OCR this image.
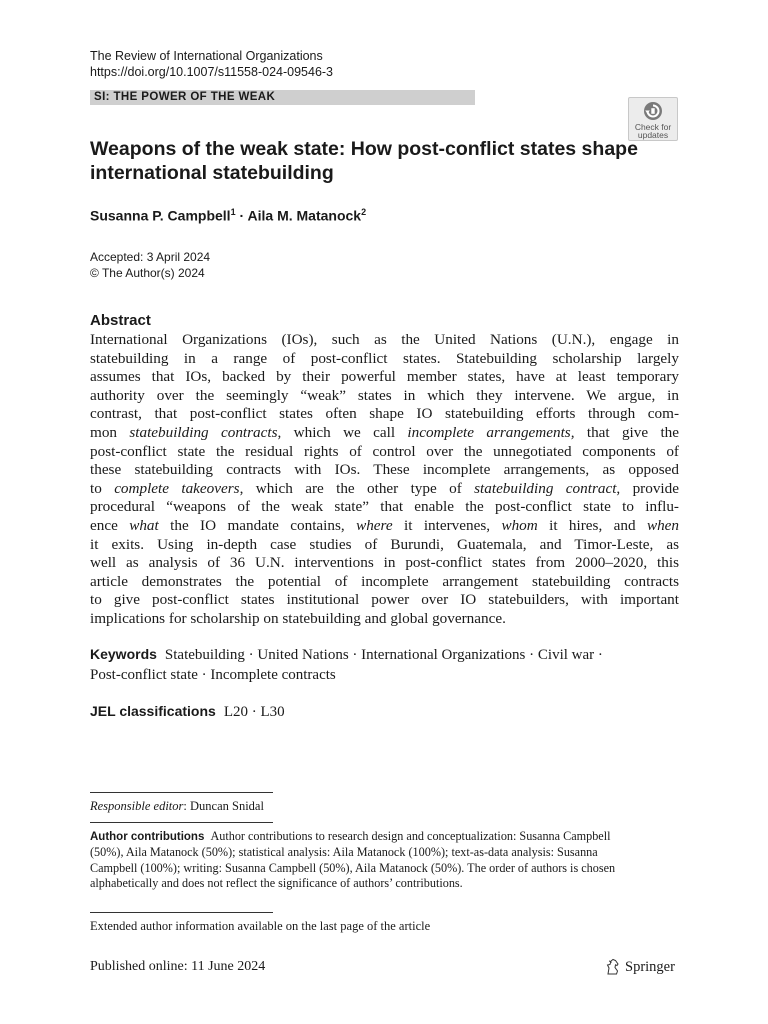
The Review of International Organizations
https://doi.org/10.1007/s11558-024-09546-3
SI: THE POWER OF THE WEAK
Check for
updates
Weapons of the weak state: How post-conflict states shape international statebuilding
Susanna P. Campbell$^1$ · Aila M. Matanock$^2$
Accepted: 3 April 2024
© The Author(s) 2024
Abstract
International Organizations (IOs), such as the United Nations (U.N.), engage in
statebuilding in a range of post-conflict states. Statebuilding scholarship largely
assumes that IOs, backed by their powerful member states, have at least temporary
authority over the seemingly “weak” states in which they intervene. We argue, in
contrast, that post-conflict states often shape IO statebuilding efforts through com-
mon statebuilding contracts, which we call incomplete arrangements, that give the
post-conflict state the residual rights of control over the unnegotiated components of
these statebuilding contracts with IOs. These incomplete arrangements, as opposed
to complete takeovers, which are the other type of statebuilding contract, provide
procedural “weapons of the weak state” that enable the post-conflict state to influ-
ence what the IO mandate contains, where it intervenes, whom it hires, and when
it exits. Using in-depth case studies of Burundi, Guatemala, and Timor-Leste, as
well as analysis of 36 U.N. interventions in post-conflict states from 2000–2020, this
article demonstrates the potential of incomplete arrangement statebuilding contracts
to give post-conflict states institutional power over IO statebuilders, with important
implications for scholarship on statebuilding and global governance.
Keywords Statebuilding · United Nations · International Organizations · Civil war ·
Post-conflict state · Incomplete contracts
JEL classifications L20 · L30
Responsible editor: Duncan Snidal
Author contributions Author contributions to research design and conceptualization: Susanna Campbell (50%), Aila Matanock (50%); statistical analysis: Aila Matanock (100%); text-as-data analysis: Susanna Campbell (100%); writing: Susanna Campbell (50%), Aila Matanock (50%). The order of authors is chosen alphabetically and does not reflect the significance of authors’ contributions.
Extended author information available on the last page of the article
Published online: 11 June 2024	Springer
